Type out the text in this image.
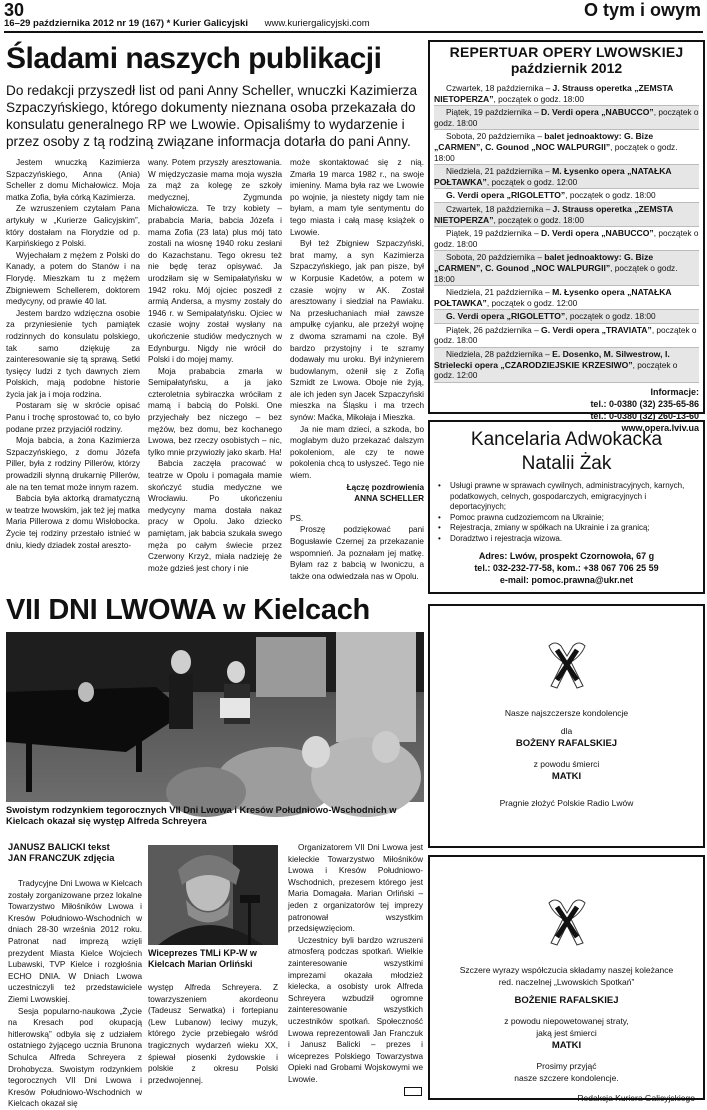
30
16–29 października 2012 nr 19 (167) * Kurier Galicyjski www.kuriergalicyjski.com
O tym i owym
Śladami naszych publikacji
Do redakcji przyszedł list od pani Anny Scheller, wnuczki Kazimierza Szpaczyńskiego, którego dokumenty nieznana osoba przekazała do konsulatu generalnego RP we Lwowie. Opisaliśmy to wydarzenie i przez osoby z tą rodziną związane informacja dotarła do pani Anny.

Jestem wnuczką Kazimierza Szpaczyńskiego, Anna (Ania) Scheller z domu Michałowicz. Moja matka Zofia, była córką Kazimierza.

Ze wzruszeniem czytałam Pana artykuły w „Kurierze Galicyjskim”, który dostałam na Florydzie od p. Karpińskiego z Polski.

Wyjechałam z mężem z Polski do Kanady, a potem do Stanów i na Florydę. Mieszkam tu z mężem Zbigniewem Schellerem, doktorem medycyny, od prawie 40 lat.

Jestem bardzo wdzięczna osobie za przyniesienie tych pamiątek rodzinnych do konsulatu polskiego, tak samo dziękuję za zainteresowanie się tą sprawą. Setki tysięcy ludzi z tych dawnych ziem Polskich, mają podobne historie życia jak ja i moja rodzina.

Postaram się w skrócie opisać Panu i trochę sprostować to, co było podane przez przyjaciół rodziny.

Moja babcia, a żona Kazimierza Szpaczyńskiego, z domu Józefa Piller, była z rodziny Pillerów, którzy prowadzili słynną drukarnię Pillerów, ale na ten temat może innym razem.

Babcia była aktorką dramatyczną w teatrze lwowskim, jak też jej matka Maria Pillerowa z domu Wisłobocka. Życie tej rodziny przestało istnieć w dniu, kiedy dziadek został areszto-

wany. Potem przyszły aresztowania. W międzyczasie mama moja wyszła za mąż za kolegę ze szkoły medycznej, Zygmunda Michałowicza. Te trzy kobiety – prababcia Maria, babcia Józefa i mama Zofia (23 lata) plus mój tato zostali na wiosnę 1940 roku zesłani do Kazachstanu. Tego okresu też nie będę teraz opisywać. Ja urodziłam się w Semipałatyńsku w 1942 roku. Mój ojciec poszedł z armią Andersa, a mysmy zostały do 1946 r. w Semipałatyńsku. Ojciec w czasie wojny został wysłany na ukończenie studiów medycznych w Edynburgu. Nigdy nie wrócił do Polski i do mojej mamy.

Moja prababcia zmarła w Semipałatyńsku, a ja jako czteroletnia sybiraczka wróciłam z mamą i babcią do Polski. One przyjechały bez niczego – bez mężów, bez domu, bez kochanego Lwowa, bez rzeczy osobistych – nic, tylko mnie przywiozły jako skarb. Ha!

Babcia zaczęła pracować w teatrze w Opolu i pomagała mamie skończyć studia medyczne we Wrocławiu. Po ukończeniu medycyny mama dostała nakaz pracy w Opolu. Jako dziecko pamiętam, jak babcia szukała swego męża po całym świecie przez Czerwony Krzyż, miała nadzieję że może gdzieś jest chory i nie

może skontaktować się z nią. Zmarła 19 marca 1982 r., na swoje imieniny. Mama była raz we Lwowie po wojnie, ja niestety nigdy tam nie byłam, a mam tyle sentymentu do tego miasta i całą masę książek o Lwowie.

Był też Zbigniew Szpaczyński, brat mamy, a syn Kazimierza Szpaczyńskiego, jak pan pisze, był w Korpusie Kadetów, a potem w czasie wojny w AK. Został aresztowany i siedział na Pawiaku. Na przesłuchaniach miał zawsze ampułkę cyjanku, ale przeżył wojnę z dwoma szramami na czole. Był bardzo przystojny i te szramy dodawały mu uroku. Był inżynierem budowlanym, ożenił się z Zofią Szmidt ze Lwowa. Oboje nie żyją, ale ich jeden syn Jacek Szpaczyński mieszka na Śląsku i ma trzech synów: Maćka, Mikołaja i Mieszka.

Ja nie mam dzieci, a szkoda, bo moglabym dużo przekazać dalszym pokoleniom, ale czy te nowe pokolenia chcą to usłyszeć. Tego nie wiem.

Łączę pozdrowienia
ANNA SCHELLER
PS.

Proszę podziękować pani Bogusławie Czernej za przekazanie wspomnień. Ja poznałam jej matkę. Byłam raz z babcią w Iwoniczu, a także ona odwiedzała nas w Opolu.

REPERTUAR OPERY LWOWSKIEJ
październik 2012
Czwartek, 18 października – J. Strauss operetka „ZEMSTA NIETOPERZA”, początek o godz. 18:00
Piątek, 19 października – D. Verdi opera „NABUCCO”, początek o godz. 18:00
Sobota, 20 października – balet jednoaktowy: G. Bize „CARMEN”, C. Gounod „NOC WALPURGII”, początek o godz. 18:00
Niedziela, 21 października – M. Łysenko opera „NATAŁKA POŁTAWKA”, początek o godz. 12:00
G. Verdi opera „RIGOLETTO”, początek o godz. 18:00
Czwartek, 18 października – J. Strauss operetka „ZEMSTA NIETOPERZA”, początek o godz. 18:00
Piątek, 19 października – D. Verdi opera „NABUCCO”, początek o godz. 18:00
Sobota, 20 października – balet jednoaktowy: G. Bize „CARMEN”, C. Gounod „NOC WALPURGII”, początek o godz. 18:00
Niedziela, 21 października – M. Łysenko opera „NATAŁKA POŁTAWKA”, początek o godz. 12:00
G. Verdi opera „RIGOLETTO”, początek o godz. 18:00
Piątek, 26 października – G. Verdi opera „TRAVIATA”, początek o godz. 18:00
Niedziela, 28 października – E. Dosenko, M. Silwestrow, I. Strielecki opera „CZARODZIEJSKIE KRZESIWO”, początek o godz. 12:00
Informacje:
tel.: 0-0380 (32) 235-65-86
tel.: 0-0380 (32) 260-13-60
www.opera.lviv.ua
Kancelaria Adwokacka
Natalii Żak
• Usługi prawne w sprawach cywilnych, administracyjnych, karnych, podatkowych, celnych, gospodarczych, emigracyjnych i deportacyjnych;
• Pomoc prawna cudzoziemcom na Ukrainie;
• Rejestracja, zmiany w spółkach na Ukrainie i za granicą;
• Doradztwo i rejestracja wizowa.
Adres: Lwów, prospekt Czornowoła, 67 g
tel.: 032-232-77-58, kom.: +38 067 706 25 59
e-mail: pomoc.prawna@ukr.net
VII DNI LWOWA w Kielcach
Swoistym rodzynkiem tegorocznych VII Dni Lwowa i Kresów Południowo-Wschodnich w Kielcach okazał się występ Alfreda Schreyera
JANUSZ BALICKI tekst
JAN FRANCZUK zdjęcia

Tradycyjne Dni Lwowa w Kielcach zostały zorganizowane przez lokalne Towarzystwo Miłośników Lwowa i Kresów Południowo-Wschodnich w dniach 28-30 września 2012 roku. Patronat nad imprezą wzięli prezydent Miasta Kielce Wojciech Lubawski, TVP Kielce i rozgłośnia ECHO DNIA. W Dniach Lwowa uczestniczyli też przedstawiciele Ziemi Lwowskiej.

Sesja popularno-naukowa „Życie na Kresach pod okupacją hitlerowską” odbyła się z udziałem ostatniego żyjącego ucznia Brunona Schulca Alfreda Schreyera z Drohobycza. Swoistym rodzynkiem tegorocznych VII Dni Lwowa i Kresów Południowo-Wschodnich w Kielcach okazał się

Wiceprezes TMLi KP-W w Kielcach Marian Orliński

występ Alfreda Schreyera. Z towarzyszeniem akordeonu (Tadeusz Serwatka) i fortepianu (Lew Lubanow) leciwy muzyk, którego życie przebiegało wśród tragicznych wydarzeń wieku XX, śpiewał piosenki żydowskie i polskie z okresu Polski przedwojennej.

Organizatorem VII Dni Lwowa jest kieleckie Towarzystwo Miłośników Lwowa i Kresów Południowo-Wschodnich, prezesem którego jest Maria Domagała. Marian Orliński – jeden z organizatorów tej imprezy patronował wszystkim przedsięwzięciom.

Uczestnicy byli bardzo wzruszeni atmosferą podczas spotkań. Wielkie zainteresowanie wszystkimi imprezami okazała młodzież kielecka, a osobisty urok Alfreda Schreyera wzbudził ogromne zainteresowanie wszystkich uczestników spotkań. Społeczność Lwowa reprezentowali Jan Franczuk i Janusz Balicki – prezes i wiceprezes Polskiego Towarzystwa Opieki nad Grobami Wojskowymi we Lwowie.

Nasze najszczersze kondolencje
dla
BOŻENY RAFALSKIEJ
z powodu śmierci
MATKI
Pragnie złożyć Polskie Radio Lwów
Szczere wyrazy współczucia składamy naszej koleżance
red. naczelnej „Lwowskich Spotkań”
BOŻENIE RAFALSKIEJ
z powodu niepowetowanej straty,
jaką jest śmierci
MATKI
Prosimy przyjąć
nasze szczere kondolencje.
Redakcja Kuriera Galicyjskiego
